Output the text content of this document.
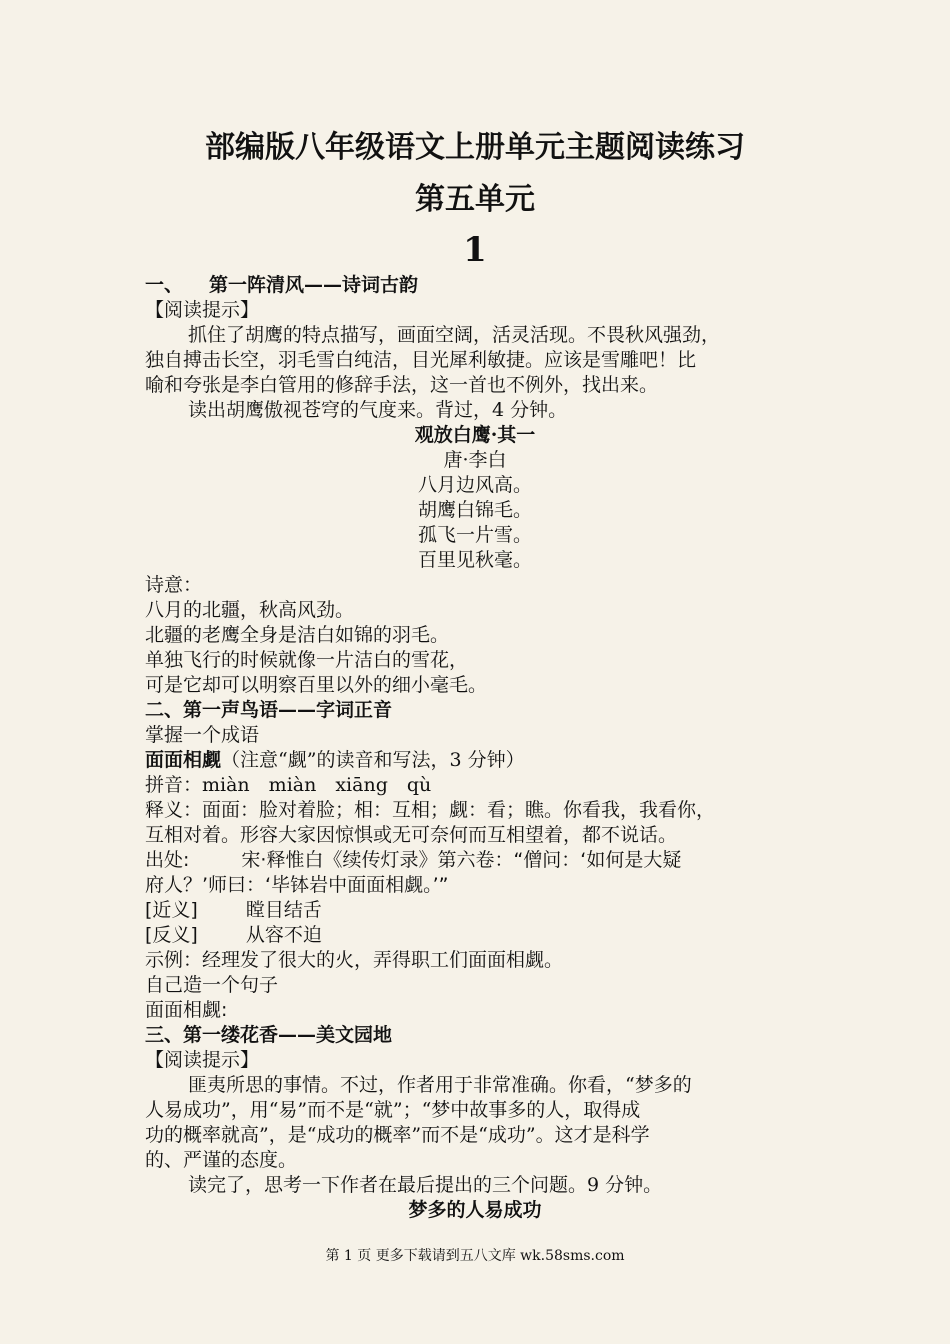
部编版八年级语文上册单元主题阅读练习
第五单元
1
一、 第一阵清风——诗词古韵
【阅读提示】
抓住了胡鹰的特点描写，画面空阔，活灵活现。不畏秋风强劲，
独自搏击长空，羽毛雪白纯洁，目光犀利敏捷。应该是雪雕吧！比
喻和夸张是李白管用的修辞手法，这一首也不例外，找出来。
读出胡鹰傲视苍穹的气度来。背过，4 分钟。
观放白鹰·其一
唐·李白
八月边风高。
胡鹰白锦毛。
孤飞一片雪。
百里见秋毫。
诗意：
八月的北疆，秋高风劲。
北疆的老鹰全身是洁白如锦的羽毛。
单独飞行的时候就像一片洁白的雪花，
可是它却可以明察百里以外的细小毫毛。
二、第一声鸟语——字词正音
掌握一个成语
面面相觑（注意“觑”的读音和写法，3 分钟）
拼音：miàn　miàn　xiāng　qù
释义：面面：脸对着脸；相：互相；觑：看；瞧。你看我，我看你，
互相对着。形容大家因惊惧或无可奈何而互相望着，都不说话。
出处:	宋·释惟白《续传灯录》第六卷：“僧问：‘如何是大疑
府人？’师曰：‘毕钵岩中面面相觑。’”
[近义]	瞠目结舌
[反义]	从容不迫
示例：经理发了很大的火，弄得职工们面面相觑。
自己造一个句子
面面相觑:
三、第一缕花香——美文园地
【阅读提示】
匪夷所思的事情。不过，作者用于非常准确。你看，“梦多的
人易成功”，用“易”而不是“就”；“梦中故事多的人，取得成
功的概率就高”，是“成功的概率”而不是“成功”。这才是科学
的、严谨的态度。
读完了，思考一下作者在最后提出的三个问题。9 分钟。
梦多的人易成功
第 1 页 更多下载请到五八文库 wk.58sms.com
